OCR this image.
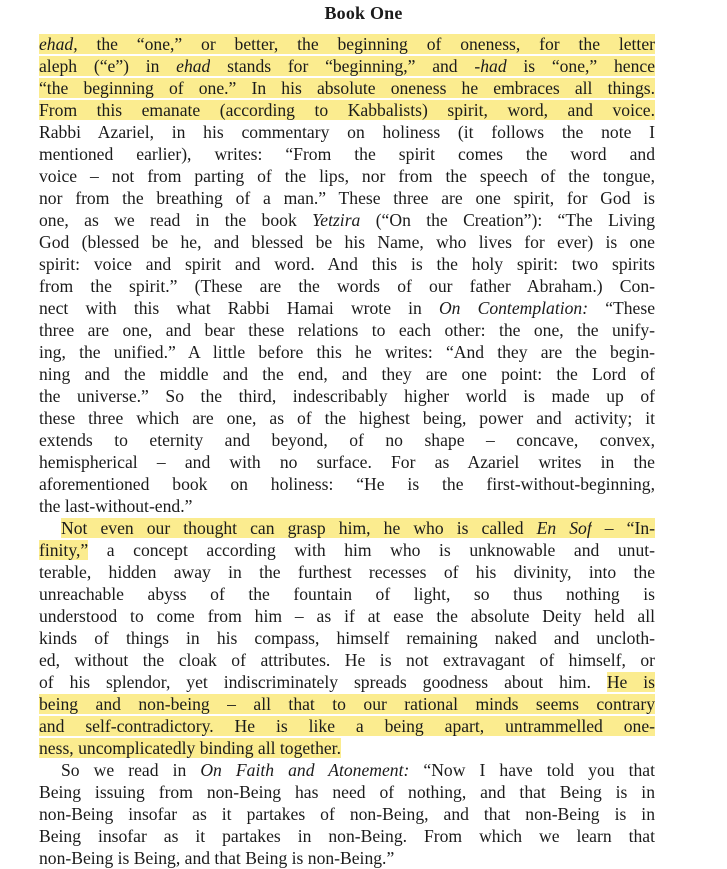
Book One
ehad, the “one,” or better, the beginning of oneness, for the letter
aleph (“e”) in ehad stands for “beginning,” and -had is “one,” hence
“the beginning of one.” In his absolute oneness he embraces all things.
From this emanate (according to Kabbalists) spirit, word, and voice.
Rabbi Azariel, in his commentary on holiness (it follows the note I
mentioned earlier), writes: “From the spirit comes the word and
voice – not from parting of the lips, nor from the speech of the tongue,
nor from the breathing of a man.” These three are one spirit, for God is
one, as we read in the book Yetzira (“On the Creation”): “The Living
God (blessed be he, and blessed be his Name, who lives for ever) is one
spirit: voice and spirit and word. And this is the holy spirit: two spirits
from the spirit.” (These are the words of our father Abraham.) Con-
nect with this what Rabbi Hamai wrote in On Contemplation: “These
three are one, and bear these relations to each other: the one, the unify-
ing, the unified.” A little before this he writes: “And they are the begin-
ning and the middle and the end, and they are one point: the Lord of
the universe.” So the third, indescribably higher world is made up of
these three which are one, as of the highest being, power and activity; it
extends to eternity and beyond, of no shape – concave, convex,
hemispherical – and with no surface. For as Azariel writes in the
aforementioned book on holiness: “He is the first-without-beginning,
the last-without-end.”
Not even our thought can grasp him, he who is called En Sof – “In-
finity,” a concept according with him who is unknowable and unut-
terable, hidden away in the furthest recesses of his divinity, into the
unreachable abyss of the fountain of light, so thus nothing is
understood to come from him – as if at ease the absolute Deity held all
kinds of things in his compass, himself remaining naked and uncloth-
ed, without the cloak of attributes. He is not extravagant of himself, or
of his splendor, yet indiscriminately spreads goodness about him. He is
being and non-being – all that to our rational minds seems contrary
and self-contradictory. He is like a being apart, untrammelled one-
ness, uncomplicatedly binding all together.
So we read in On Faith and Atonement: “Now I have told you that
Being issuing from non-Being has need of nothing, and that Being is in
non-Being insofar as it partakes of non-Being, and that non-Being is in
Being insofar as it partakes in non-Being. From which we learn that
non-Being is Being, and that Being is non-Being.”
